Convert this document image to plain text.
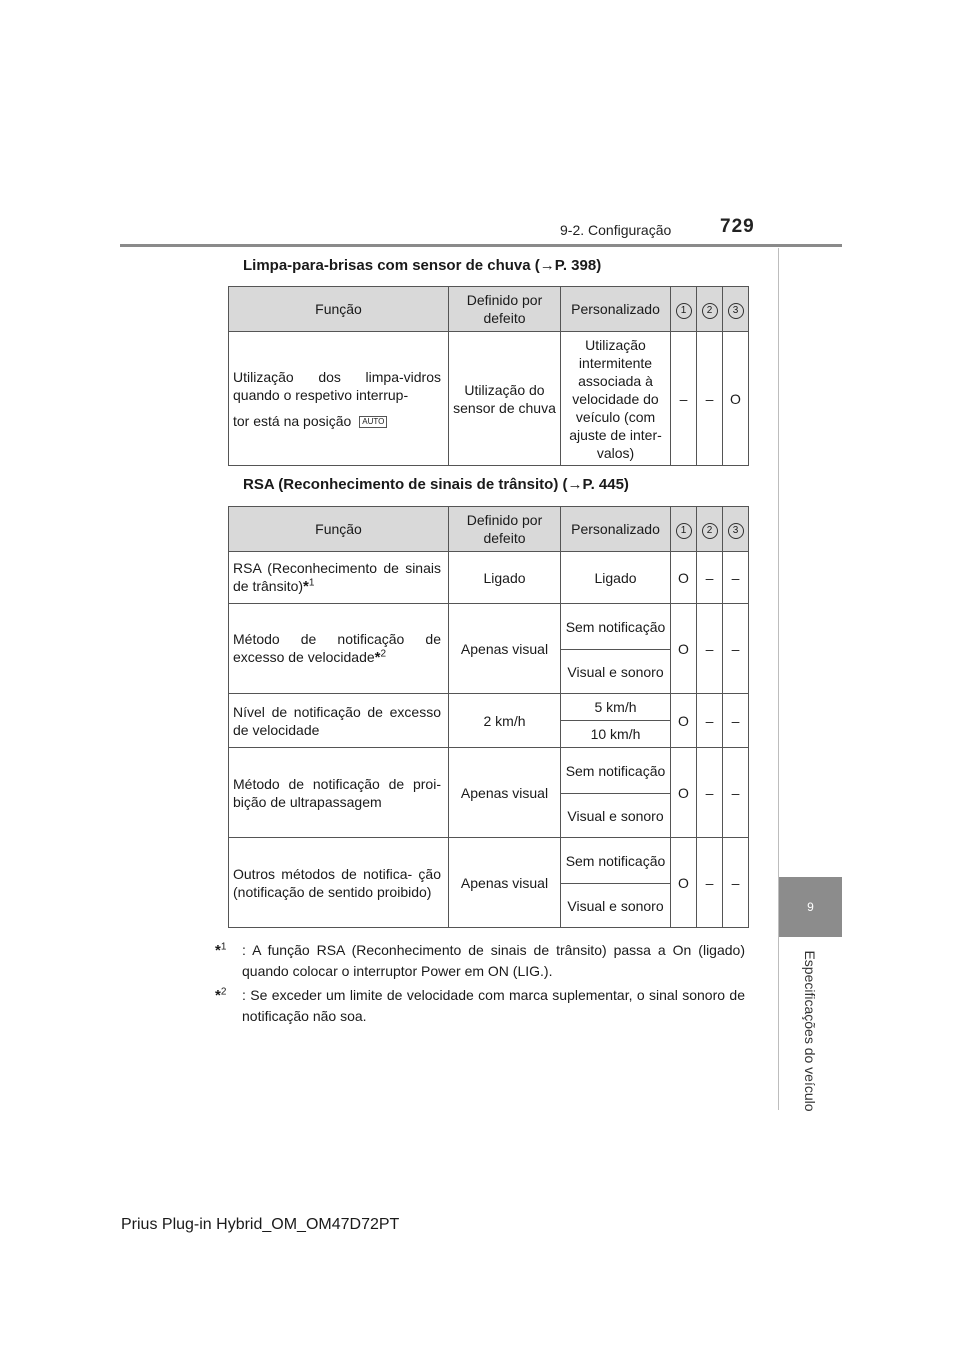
9-2. Configuração	729
9
Especificações do veículo
Limpa-para-brisas com sensor de chuva (→P. 398)
Função	Definido por defeito	Personalizado	1	2	3
Utilização dos limpa-vidros quando o respetivo interrup-

tor está na posição AUTO	Utilização do sensor de chuva	Utilização intermitente associada à velocidade do veículo (com ajuste de inter- valos)	–	–	O
RSA (Reconhecimento de sinais de trânsito) (→P. 445)
Função	Definido por defeito	Personalizado	1	2	3
RSA (Reconhecimento de sinais de trânsito)*$^1$	Ligado	Ligado	O	–	–
Método de notificação de excesso de velocidade*$^2$	Apenas visual	Sem notificação	O	–	–
		Visual e sonoro			
Nível de notificação de excesso de velocidade	2 km/h	5 km/h	O	–	–
		10 km/h			
Método de notificação de proi- bição de ultrapassagem	Apenas visual	Sem notificação	O	–	–
		Visual e sonoro			
Outros métodos de notifica- ção (notificação de sentido proibido)	Apenas visual	Sem notificação	O	–	–
		Visual e sonoro			
*$^1$	: A função RSA (Reconhecimento de sinais de trânsito) passa a On (ligado) quando colocar o interruptor Power em ON (LIG.).
*$^2$	: Se exceder um limite de velocidade com marca suplementar, o sinal sonoro de notificação não soa.
Prius Plug-in Hybrid_OM_OM47D72PT
